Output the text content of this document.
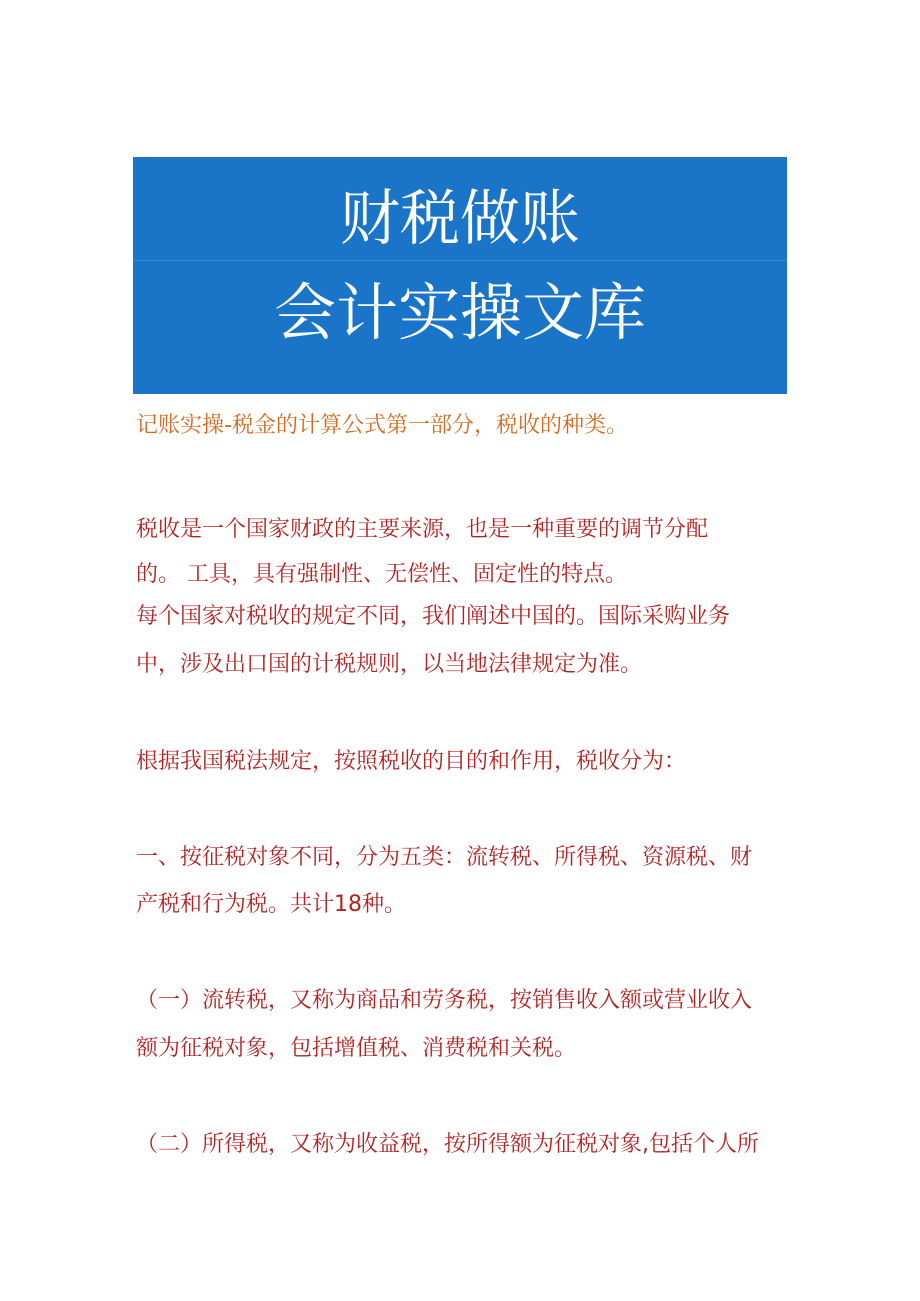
财税做账
会计实操文库
记账实操-税金的计算公式第一部分，税收的种类。
税收是一个国家财政的主要来源，也是一种重要的调节分配
的。 工具，具有强制性、无偿性、固定性的特点。
每个国家对税收的规定不同，我们阐述中国的。国际采购业务
中，涉及出口国的计税规则，以当地法律规定为准。
根据我国税法规定，按照税收的目的和作用，税收分为：
一、按征税对象不同，分为五类：流转税、所得税、资源税、财
产税和行为税。共计18种。
（一）流转税，又称为商品和劳务税，按销售收入额或营业收入
额为征税对象，包括增值税、消费税和关税。
（二）所得税，又称为收益税，按所得额为征税对象,包括个人所
